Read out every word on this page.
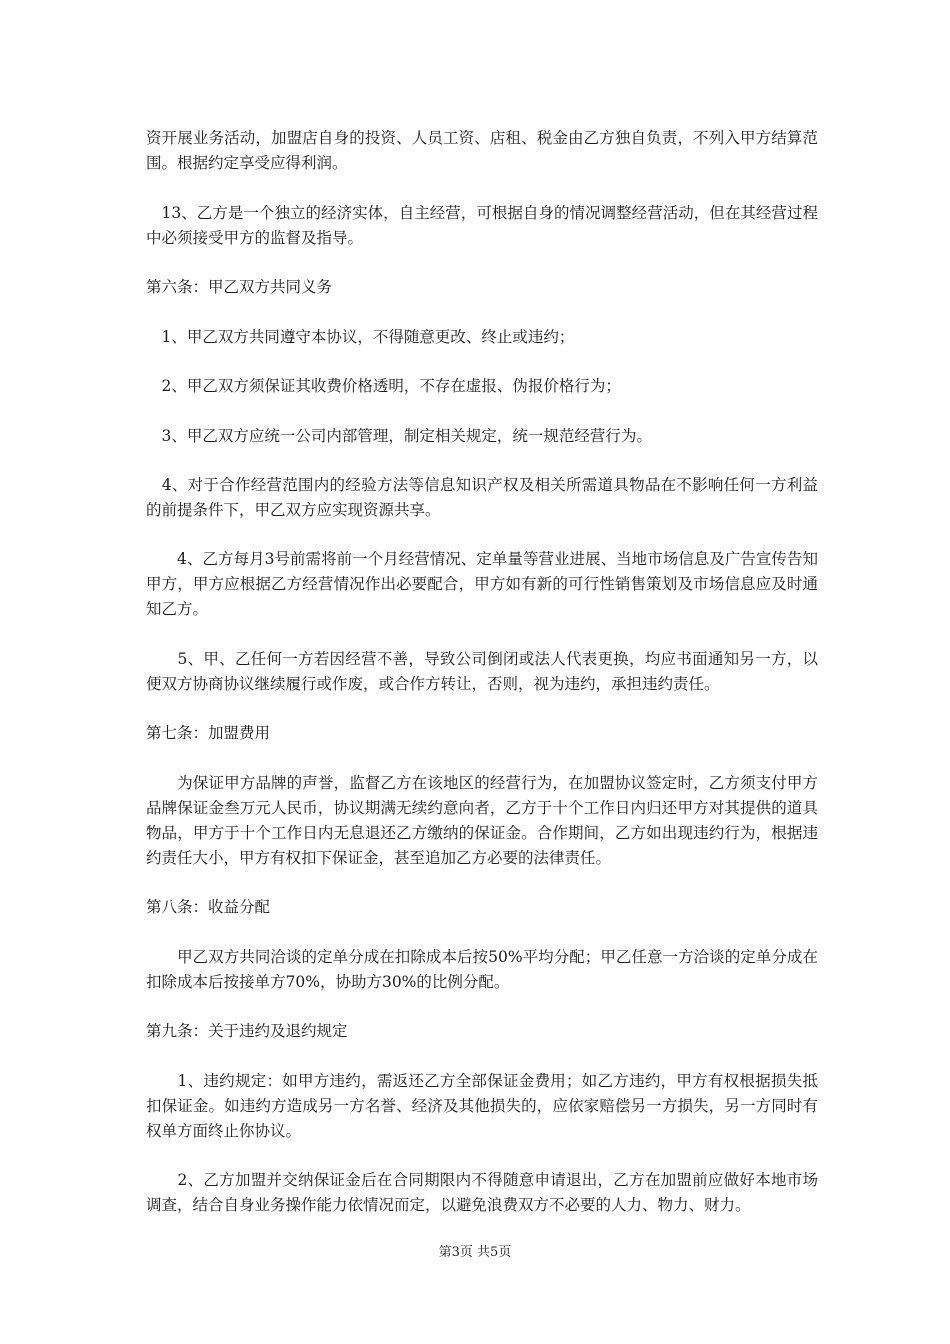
资开展业务活动，加盟店自身的投资、人员工资、店租、税金由乙方独自负责，不列入甲方结算范围。根据约定享受应得利润。

　13、乙方是一个独立的经济实体，自主经营，可根据自身的情况调整经营活动，但在其经营过程中必须接受甲方的监督及指导。

第六条：甲乙双方共同义务

　1、甲乙双方共同遵守本协议，不得随意更改、终止或违约；

　2、甲乙双方须保证其收费价格透明，不存在虚报、伪报价格行为；

　3、甲乙双方应统一公司内部管理，制定相关规定，统一规范经营行为。

　4、对于合作经营范围内的经验方法等信息知识产权及相关所需道具物品在不影响任何一方利益的前提条件下，甲乙双方应实现资源共享。

　　4、乙方每月3号前需将前一个月经营情况、定单量等营业进展、当地市场信息及广告宣传告知甲方，甲方应根据乙方经营情况作出必要配合，甲方如有新的可行性销售策划及市场信息应及时通知乙方。

　　5、甲、乙任何一方若因经营不善，导致公司倒闭或法人代表更换，均应书面通知另一方，以便双方协商协议继续履行或作废，或合作方转让，否则，视为违约，承担违约责任。

第七条：加盟费用

　　为保证甲方品牌的声誉，监督乙方在该地区的经营行为，在加盟协议签定时，乙方须支付甲方品牌保证金叁万元人民币，协议期满无续约意向者，乙方于十个工作日内归还甲方对其提供的道具物品，甲方于十个工作日内无息退还乙方缴纳的保证金。合作期间，乙方如出现违约行为，根据违约责任大小，甲方有权扣下保证金，甚至追加乙方必要的法律责任。

第八条：收益分配

　　甲乙双方共同洽谈的定单分成在扣除成本后按50%平均分配；甲乙任意一方洽谈的定单分成在扣除成本后按接单方70%，协助方30%的比例分配。

第九条：关于违约及退约规定

　　1、违约规定：如甲方违约，需返还乙方全部保证金费用；如乙方违约，甲方有权根据损失抵扣保证金。如违约方造成另一方名誉、经济及其他损失的，应依家赔偿另一方损失，另一方同时有权单方面终止你协议。

　　2、乙方加盟并交纳保证金后在合同期限内不得随意申请退出，乙方在加盟前应做好本地市场调查，结合自身业务操作能力依情况而定，以避免浪费双方不必要的人力、物力、财力。

第3页 共5页
